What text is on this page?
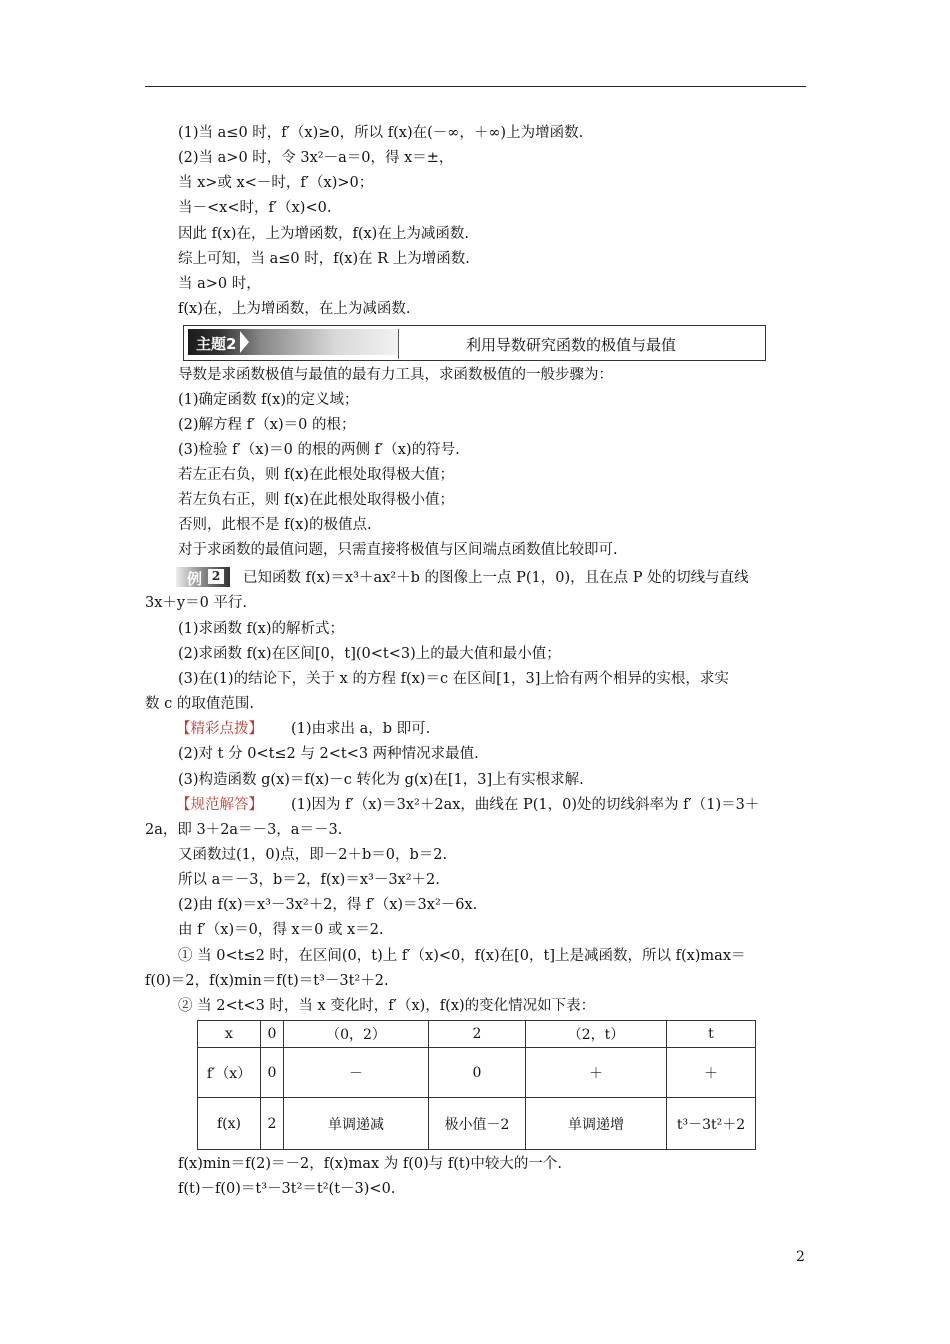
(1)当 a≤0 时，f′（x)≥0，所以 f(x)在(－∞，＋∞)上为增函数.
(2)当 a>0 时，令 3x²－a＝0，得 x＝±，
当 x>或 x<－时，f′（x)>0；
当－<x<时，f′（x)<0.
因此 f(x)在，上为增函数，f(x)在上为减函数.
综上可知，当 a≤0 时，f(x)在 R 上为增函数.
当 a>0 时，
f(x)在，上为增函数，在上为减函数.
主题2	利用导数研究函数的极值与最值
导数是求函数极值与最值的最有力工具，求函数极值的一般步骤为：
(1)确定函数 f(x)的定义域；
(2)解方程 f′（x)＝0 的根；
(3)检验 f′（x)＝0 的根的两侧 f′（x)的符号.
若左正右负，则 f(x)在此根处取得极大值；
若左负右正，则 f(x)在此根处取得极小值；
否则，此根不是 f(x)的极值点.
对于求函数的最值问题，只需直接将极值与区间端点函数值比较即可.
例 2 已知函数 f(x)＝x³＋ax²＋b 的图像上一点 P(1，0)，且在点 P 处的切线与直线
3x＋y＝0 平行.
(1)求函数 f(x)的解析式；
(2)求函数 f(x)在区间[0，t](0<t<3)上的最大值和最小值；
(3)在(1)的结论下，关于 x 的方程 f(x)＝c 在区间[1，3]上恰有两个相异的实根，求实
数 c 的取值范围.
【精彩点拨】 (1)由求出 a，b 即可.
(2)对 t 分 0<t≤2 与 2<t<3 两种情况求最值.
(3)构造函数 g(x)＝f(x)－c 转化为 g(x)在[1，3]上有实根求解.
【规范解答】 (1)因为 f′（x)＝3x²＋2ax，曲线在 P(1，0)处的切线斜率为 f′（1)＝3＋
2a，即 3＋2a＝－3，a＝－3.
又函数过(1，0)点，即－2＋b＝0，b＝2.
所以 a＝－3，b＝2，f(x)＝x³－3x²＋2.
(2)由 f(x)＝x³－3x²＋2，得 f′（x)＝3x²－6x.
由 f′（x)＝0，得 x＝0 或 x＝2.
① 当 0<t≤2 时，在区间(0，t)上 f′（x)<0，f(x)在[0，t]上是减函数，所以 f(x)max＝
f(0)＝2，f(x)min＝f(t)＝t³－3t²＋2.
② 当 2<t<3 时，当 x 变化时，f′（x)，f(x)的变化情况如下表：
x	0	（0，2）	2	（2，t）	t
f′（x）	0	－	0	＋	＋
f(x)	2	单调递减	极小值－2	单调递增	t³－3t²＋2
f(x)min＝f(2)＝－2，f(x)max 为 f(0)与 f(t)中较大的一个.
f(t)－f(0)＝t³－3t²＝t²(t－3)<0.
2
